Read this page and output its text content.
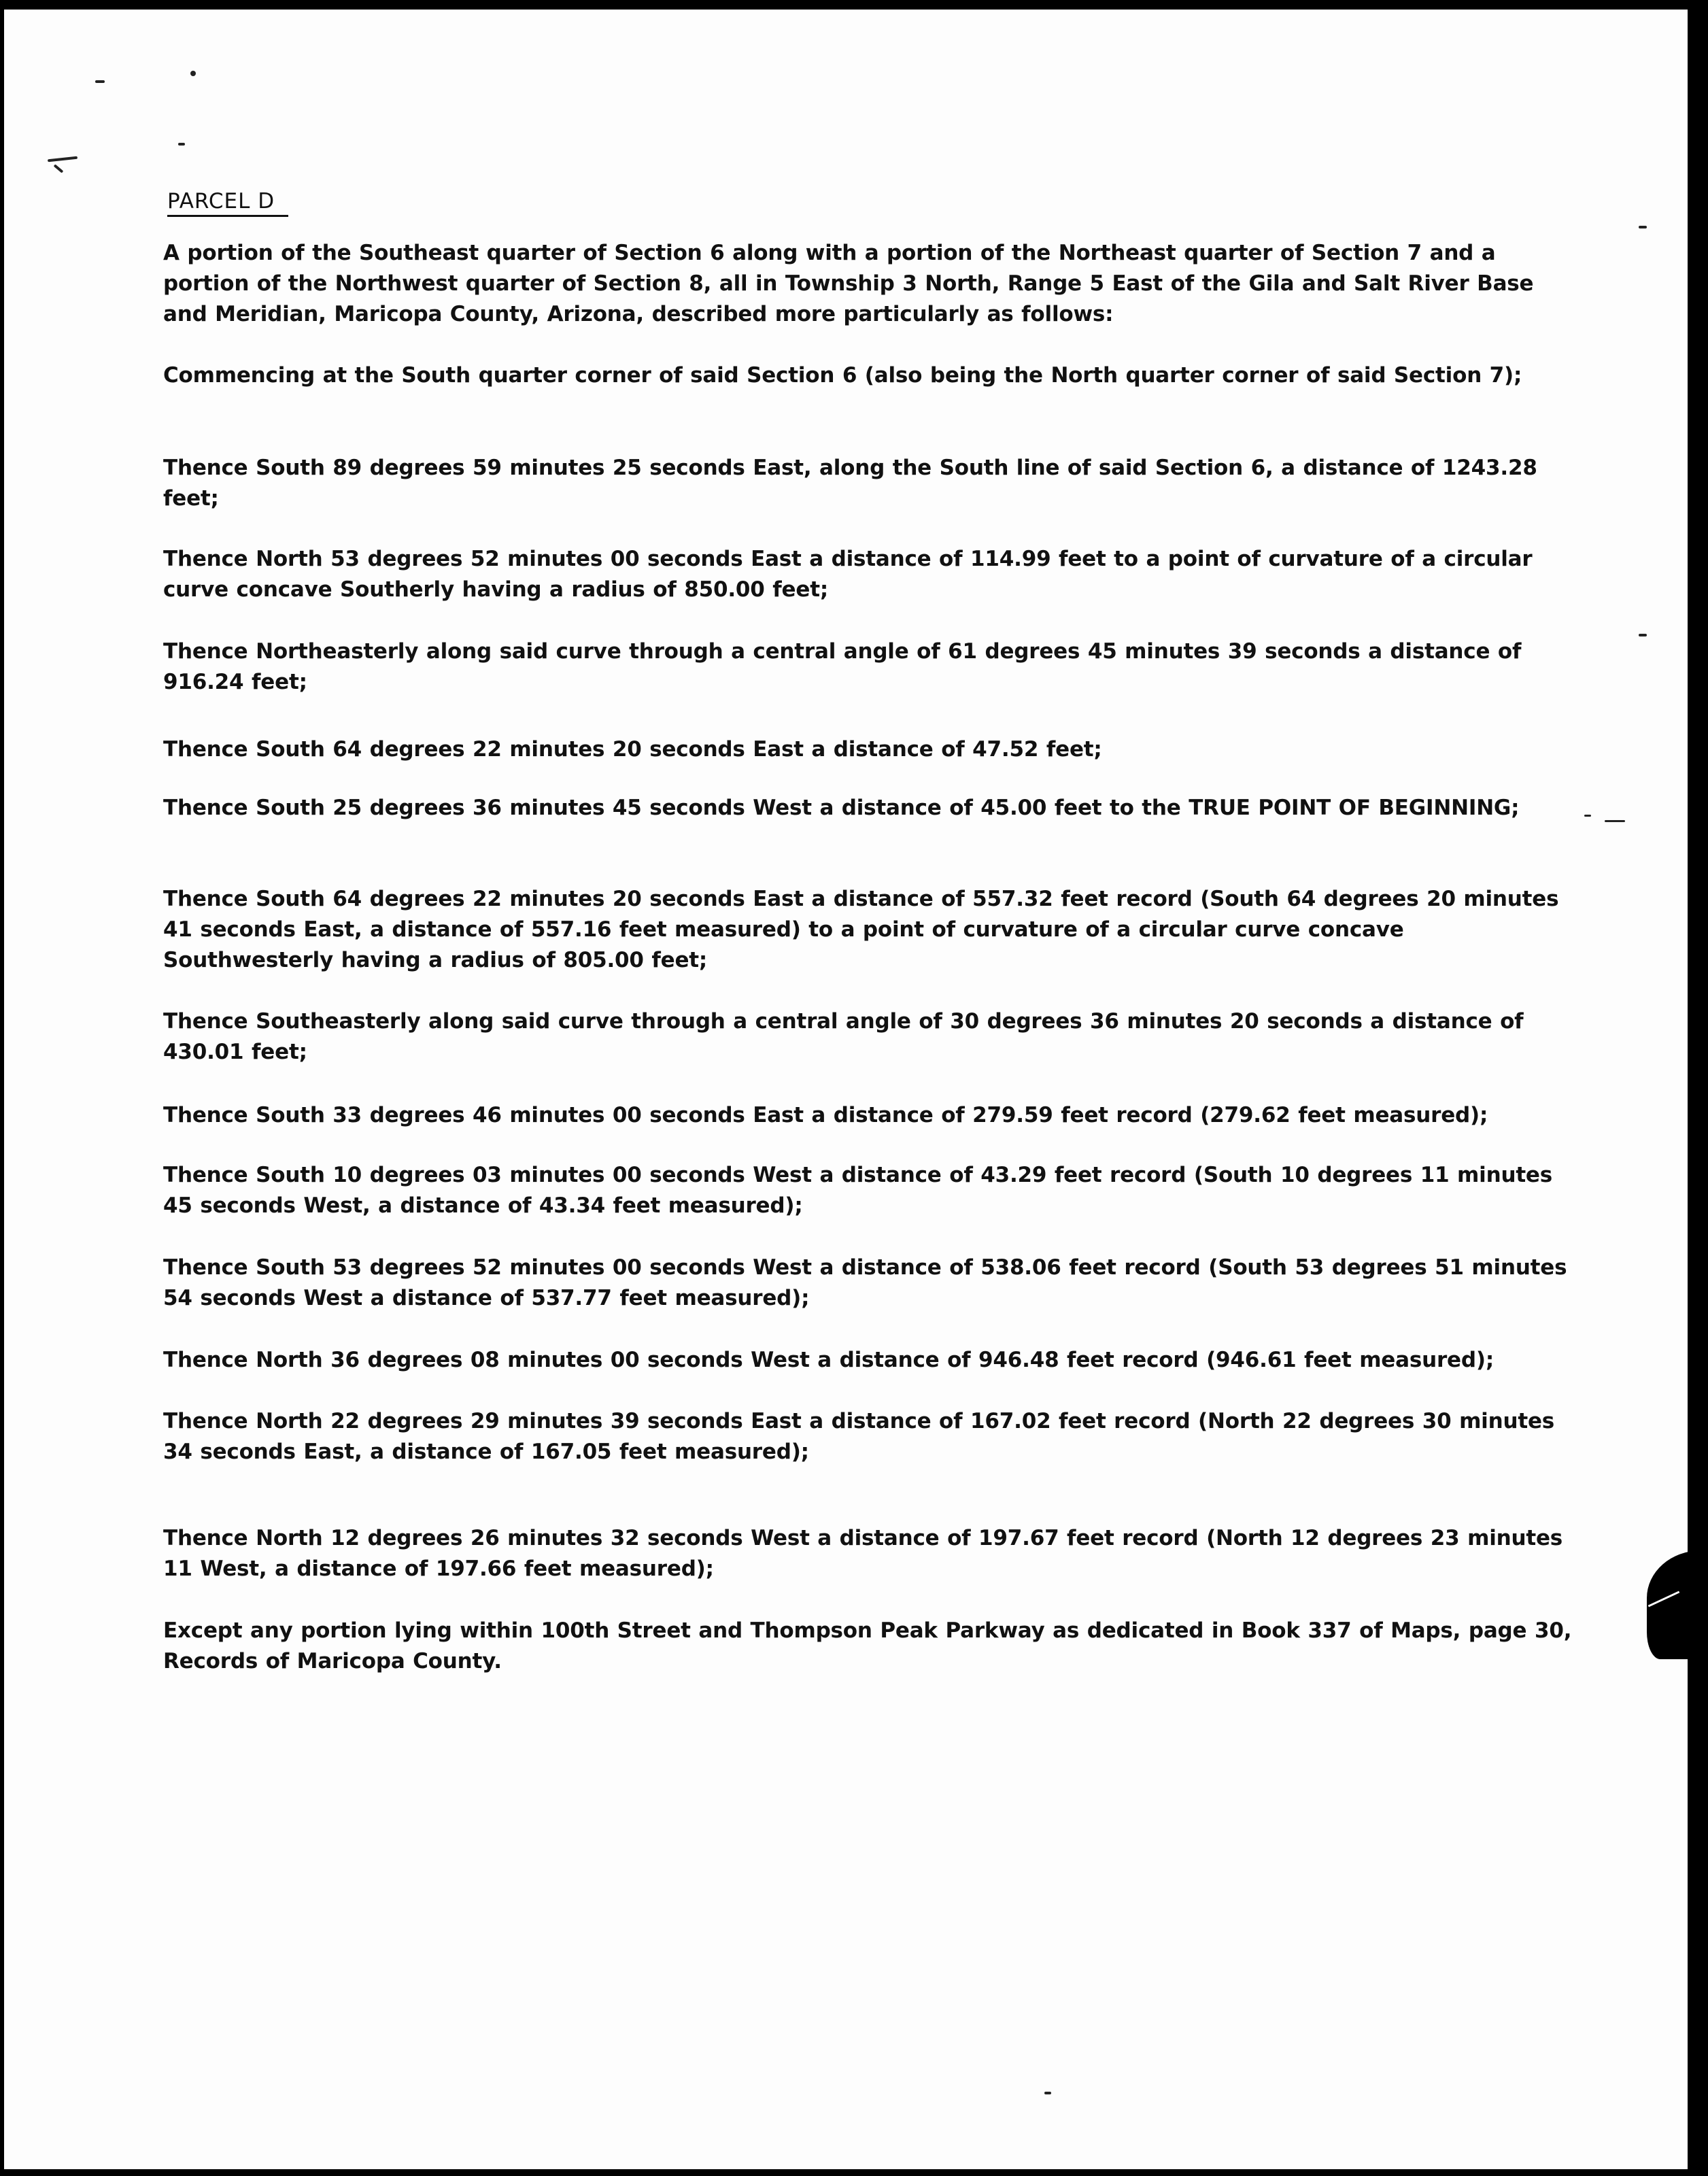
PARCEL D
A portion of the Southeast quarter of Section 6 along with a portion of the Northeast quarter of Section 7 and a portion of the Northwest quarter of Section 8, all in Township 3 North, Range 5 East of the Gila and Salt River Base and Meridian, Maricopa County, Arizona, described more particularly as follows:
Commencing at the South quarter corner of said Section 6 (also being the North quarter corner of said Section 7);
Thence South 89 degrees 59 minutes 25 seconds East, along the South line of said Section 6, a distance of 1243.28 feet;
Thence North 53 degrees 52 minutes 00 seconds East a distance of 114.99 feet to a point of curvature of a circular curve concave Southerly having a radius of 850.00 feet;
Thence Northeasterly along said curve through a central angle of 61 degrees 45 minutes 39 seconds a distance of 916.24 feet;
Thence South 64 degrees 22 minutes 20 seconds East a distance of 47.52 feet;
Thence South 25 degrees 36 minutes 45 seconds West a distance of 45.00 feet to the TRUE POINT OF BEGINNING;
Thence South 64 degrees 22 minutes 20 seconds East a distance of 557.32 feet record (South 64 degrees 20 minutes 41 seconds East, a distance of 557.16 feet measured) to a point of curvature of a circular curve concave Southwesterly having a radius of 805.00 feet;
Thence Southeasterly along said curve through a central angle of 30 degrees 36 minutes 20 seconds a distance of 430.01 feet;
Thence South 33 degrees 46 minutes 00 seconds East a distance of 279.59 feet record (279.62 feet measured);
Thence South 10 degrees 03 minutes 00 seconds West a distance of 43.29 feet record (South 10 degrees 11 minutes 45 seconds West, a distance of 43.34 feet measured);
Thence South 53 degrees 52 minutes 00 seconds West a distance of 538.06 feet record (South 53 degrees 51 minutes 54 seconds West a distance of 537.77 feet measured);
Thence North 36 degrees 08 minutes 00 seconds West a distance of 946.48 feet record (946.61 feet measured);
Thence North 22 degrees 29 minutes 39 seconds East a distance of 167.02 feet record (North 22 degrees 30 minutes 34 seconds East, a distance of 167.05 feet measured);
Thence North 12 degrees 26 minutes 32 seconds West a distance of 197.67 feet record (North 12 degrees 23 minutes 11 West, a distance of 197.66 feet measured);
Except any portion lying within 100th Street and Thompson Peak Parkway as dedicated in Book 337 of Maps, page 30, Records of Maricopa County.
